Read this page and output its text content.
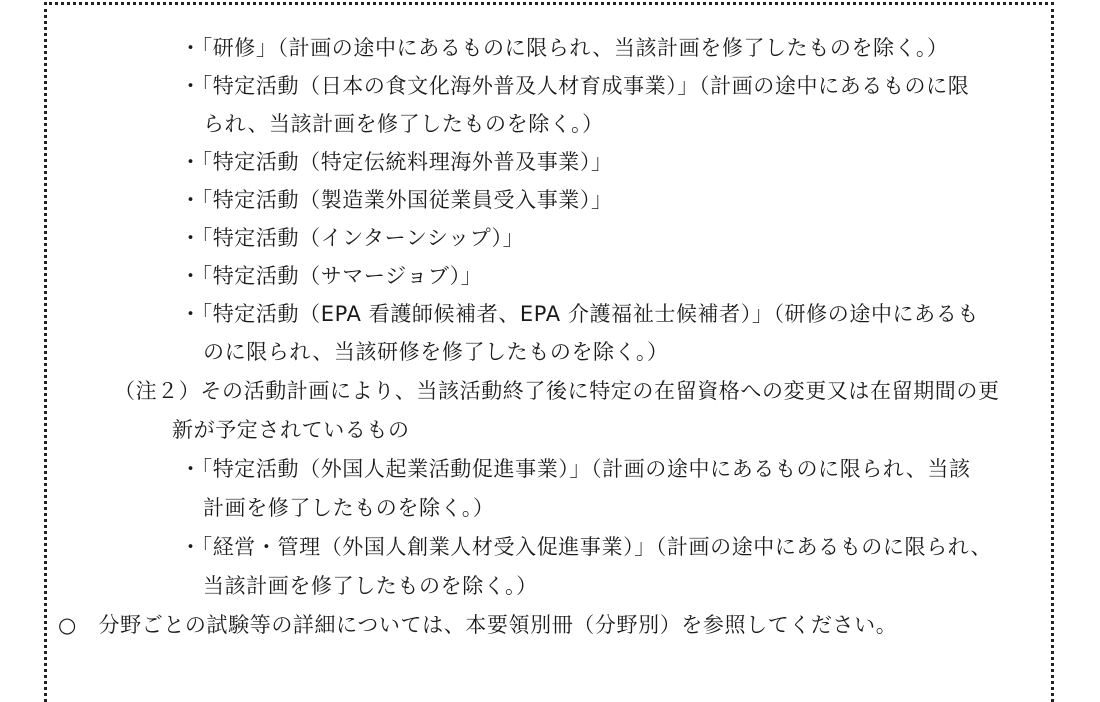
・「研修」（計画の途中にあるものに限られ、当該計画を修了したものを除く。）
・「特定活動（日本の食文化海外普及人材育成事業）」（計画の途中にあるものに限
られ、当該計画を修了したものを除く。）
・「特定活動（特定伝統料理海外普及事業）」
・「特定活動（製造業外国従業員受入事業）」
・「特定活動（インターンシップ）」
・「特定活動（サマージョブ）」
・「特定活動（EPA 看護師候補者、EPA 介護福祉士候補者）」（研修の途中にあるも
のに限られ、当該研修を修了したものを除く。）
（注２）その活動計画により、当該活動終了後に特定の在留資格への変更又は在留期間の更
新が予定されているもの
・「特定活動（外国人起業活動促進事業）」（計画の途中にあるものに限られ、当該
計画を修了したものを除く。）
・「経営・管理（外国人創業人材受入促進事業）」（計画の途中にあるものに限られ、
当該計画を修了したものを除く。）
○　分野ごとの試験等の詳細については、本要領別冊（分野別）を参照してください。
